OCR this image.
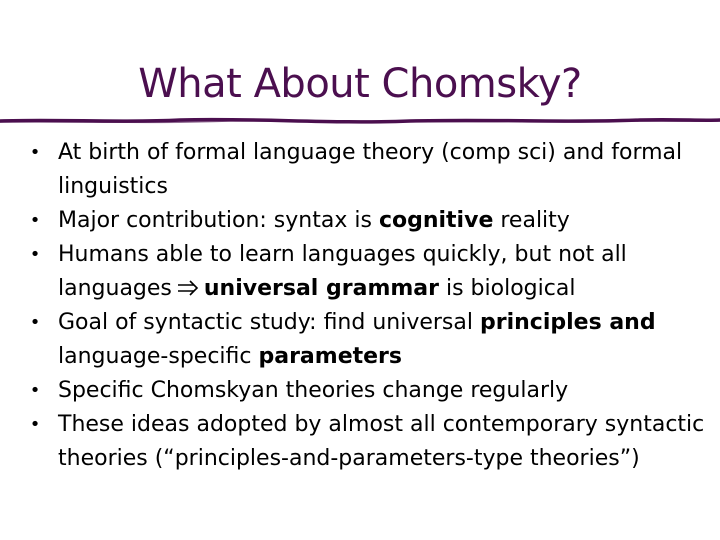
What About Chomsky?
• At birth of formal language theory (comp sci) and formal linguistics
• Major contribution: syntax is cognitive reality
• Humans able to learn languages quickly, but not all languages universal grammar is biological
• Goal of syntactic study: find universal principles and language-specific parameters
• Specific Chomskyan theories change regularly
• These ideas adopted by almost all contemporary syntactic theories (“principles-and-parameters-type theories”)
